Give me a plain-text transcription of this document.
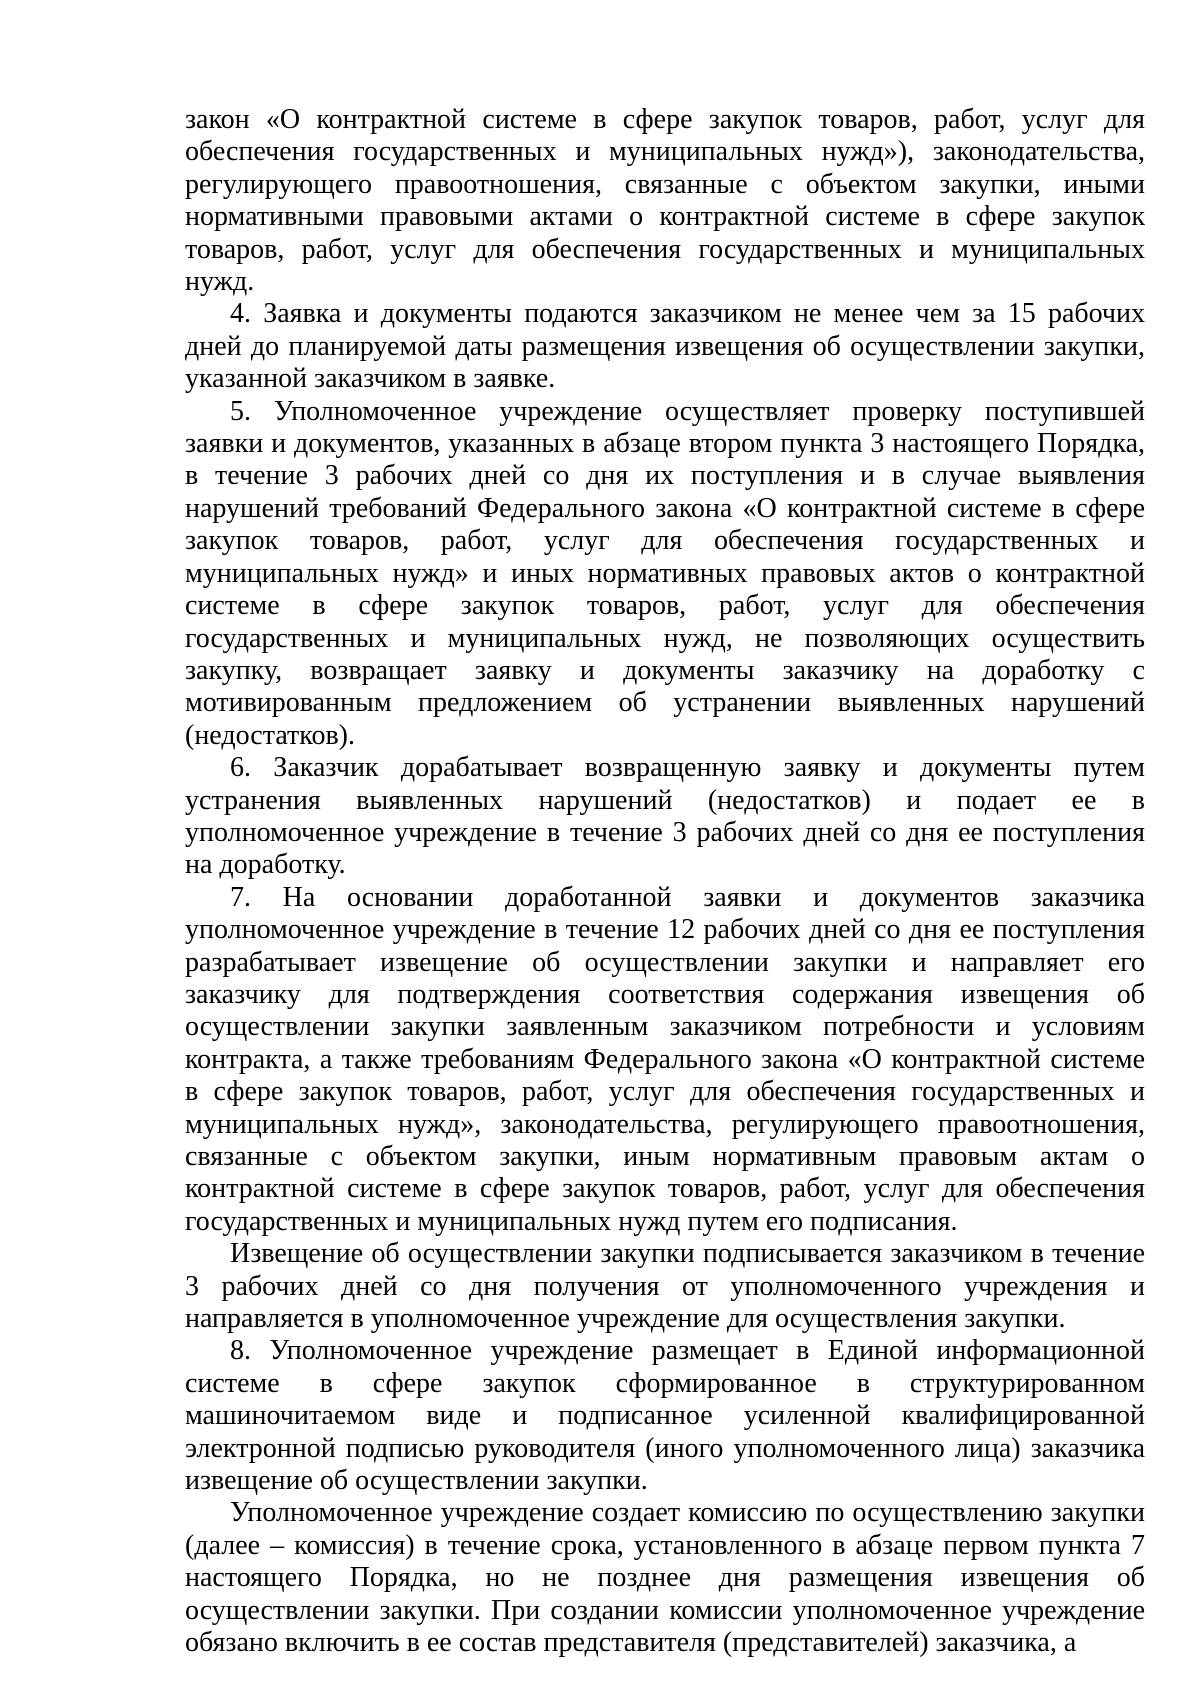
закон «О контрактной системе в сфере закупок товаров, работ, услуг для обеспечения государственных и муниципальных нужд»), законодательства, регулирующего правоотношения, связанные с объектом закупки, иными нормативными правовыми актами о контрактной системе в сфере закупок товаров, работ, услуг для обеспечения государственных и муниципальных нужд.

4. Заявка и документы подаются заказчиком не менее чем за 15 рабочих дней до планируемой даты размещения извещения об осуществлении закупки, указанной заказчиком в заявке.

5. Уполномоченное учреждение осуществляет проверку поступившей заявки и документов, указанных в абзаце втором пункта 3 настоящего Порядка, в течение 3 рабочих дней со дня их поступления и в случае выявления нарушений требований Федерального закона «О контрактной системе в сфере закупок товаров, работ, услуг для обеспечения государственных и муниципальных нужд» и иных нормативных правовых актов о контрактной системе в сфере закупок товаров, работ, услуг для обеспечения государственных и муниципальных нужд, не позволяющих осуществить закупку, возвращает заявку и документы заказчику на доработку с мотивированным предложением об устранении выявленных нарушений (недостатков).

6. Заказчик дорабатывает возвращенную заявку и документы путем устранения выявленных нарушений (недостатков) и подает ее в уполномоченное учреждение в течение 3 рабочих дней со дня ее поступления на доработку.

7. На основании доработанной заявки и документов заказчика уполномоченное учреждение в течение 12 рабочих дней со дня ее поступления разрабатывает извещение об осуществлении закупки и направляет его заказчику для подтверждения соответствия содержания извещения об осуществлении закупки заявленным заказчиком потребности и условиям контракта, а также требованиям Федерального закона «О контрактной системе в сфере закупок товаров, работ, услуг для обеспечения государственных и муниципальных нужд», законодательства, регулирующего правоотношения, связанные с объектом закупки, иным нормативным правовым актам о контрактной системе в сфере закупок товаров, работ, услуг для обеспечения государственных и муниципальных нужд путем его подписания.

Извещение об осуществлении закупки подписывается заказчиком в течение 3 рабочих дней со дня получения от уполномоченного учреждения и направляется в уполномоченное учреждение для осуществления закупки.

8. Уполномоченное учреждение размещает в Единой информационной системе в сфере закупок сформированное в структурированном машиночитаемом виде и подписанное усиленной квалифицированной электронной подписью руководителя (иного уполномоченного лица) заказчика извещение об осуществлении закупки.

Уполномоченное учреждение создает комиссию по осуществлению закупки (далее – комиссия) в течение срока, установленного в абзаце первом пункта 7 настоящего Порядка, но не позднее дня размещения извещения об осуществлении закупки. При создании комиссии уполномоченное учреждение обязано включить в ее состав представителя (представителей) заказчика, а
